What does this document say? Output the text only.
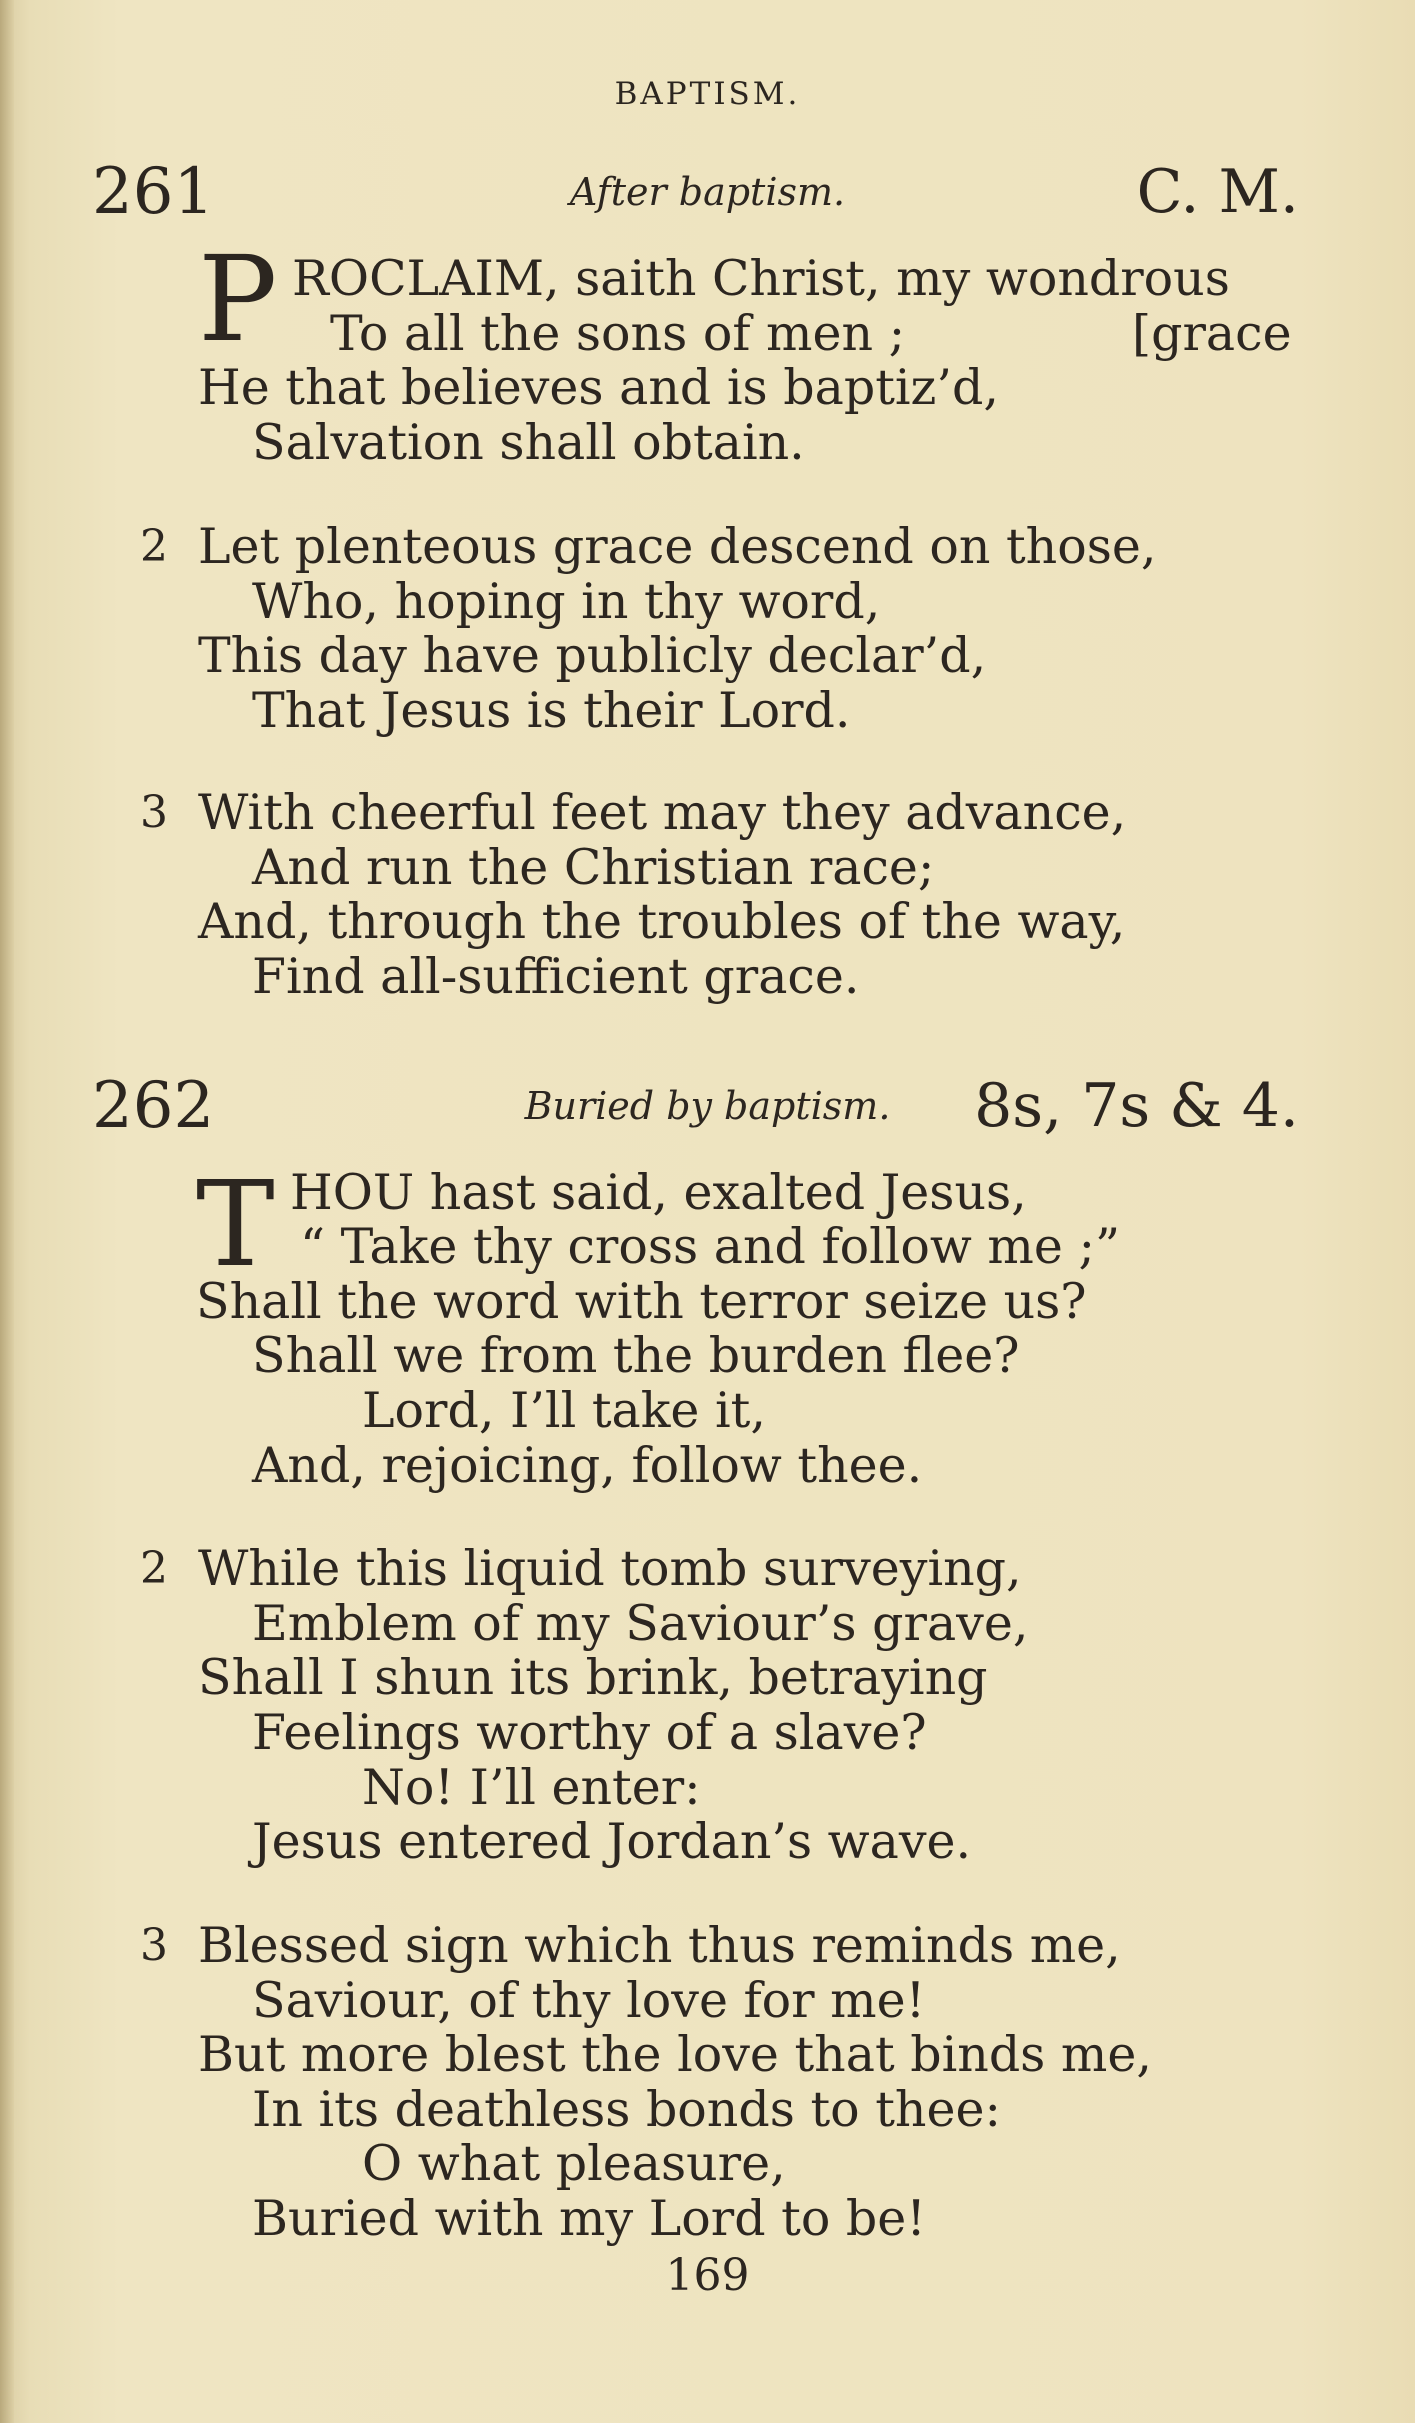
BAPTISM.
261	After baptism.	C. M.
P ROCLAIM, saith Christ, my wondrous
To all the sons of men ;	[grace
He that believes and is baptiz’d,
Salvation shall obtain.
2 Let plenteous grace descend on those,
Who, hoping in thy word,
This day have publicly declar’d,
That Jesus is their Lord.
3 With cheerful feet may they advance,
And run the Christian race;
And, through the troubles of the way,
Find all-sufficient grace.
262	Buried by baptism.	8s, 7s & 4.
T HOU hast said, exalted Jesus,
“ Take thy cross and follow me ;”
Shall the word with terror seize us?
Shall we from the burden flee?
Lord, I’ll take it,
And, rejoicing, follow thee.
2 While this liquid tomb surveying,
Emblem of my Saviour’s grave,
Shall I shun its brink, betraying
Feelings worthy of a slave?
No! I’ll enter:
Jesus entered Jordan’s wave.
3 Blessed sign which thus reminds me,
Saviour, of thy love for me!
But more blest the love that binds me,
In its deathless bonds to thee:
O what pleasure,
Buried with my Lord to be!
169
